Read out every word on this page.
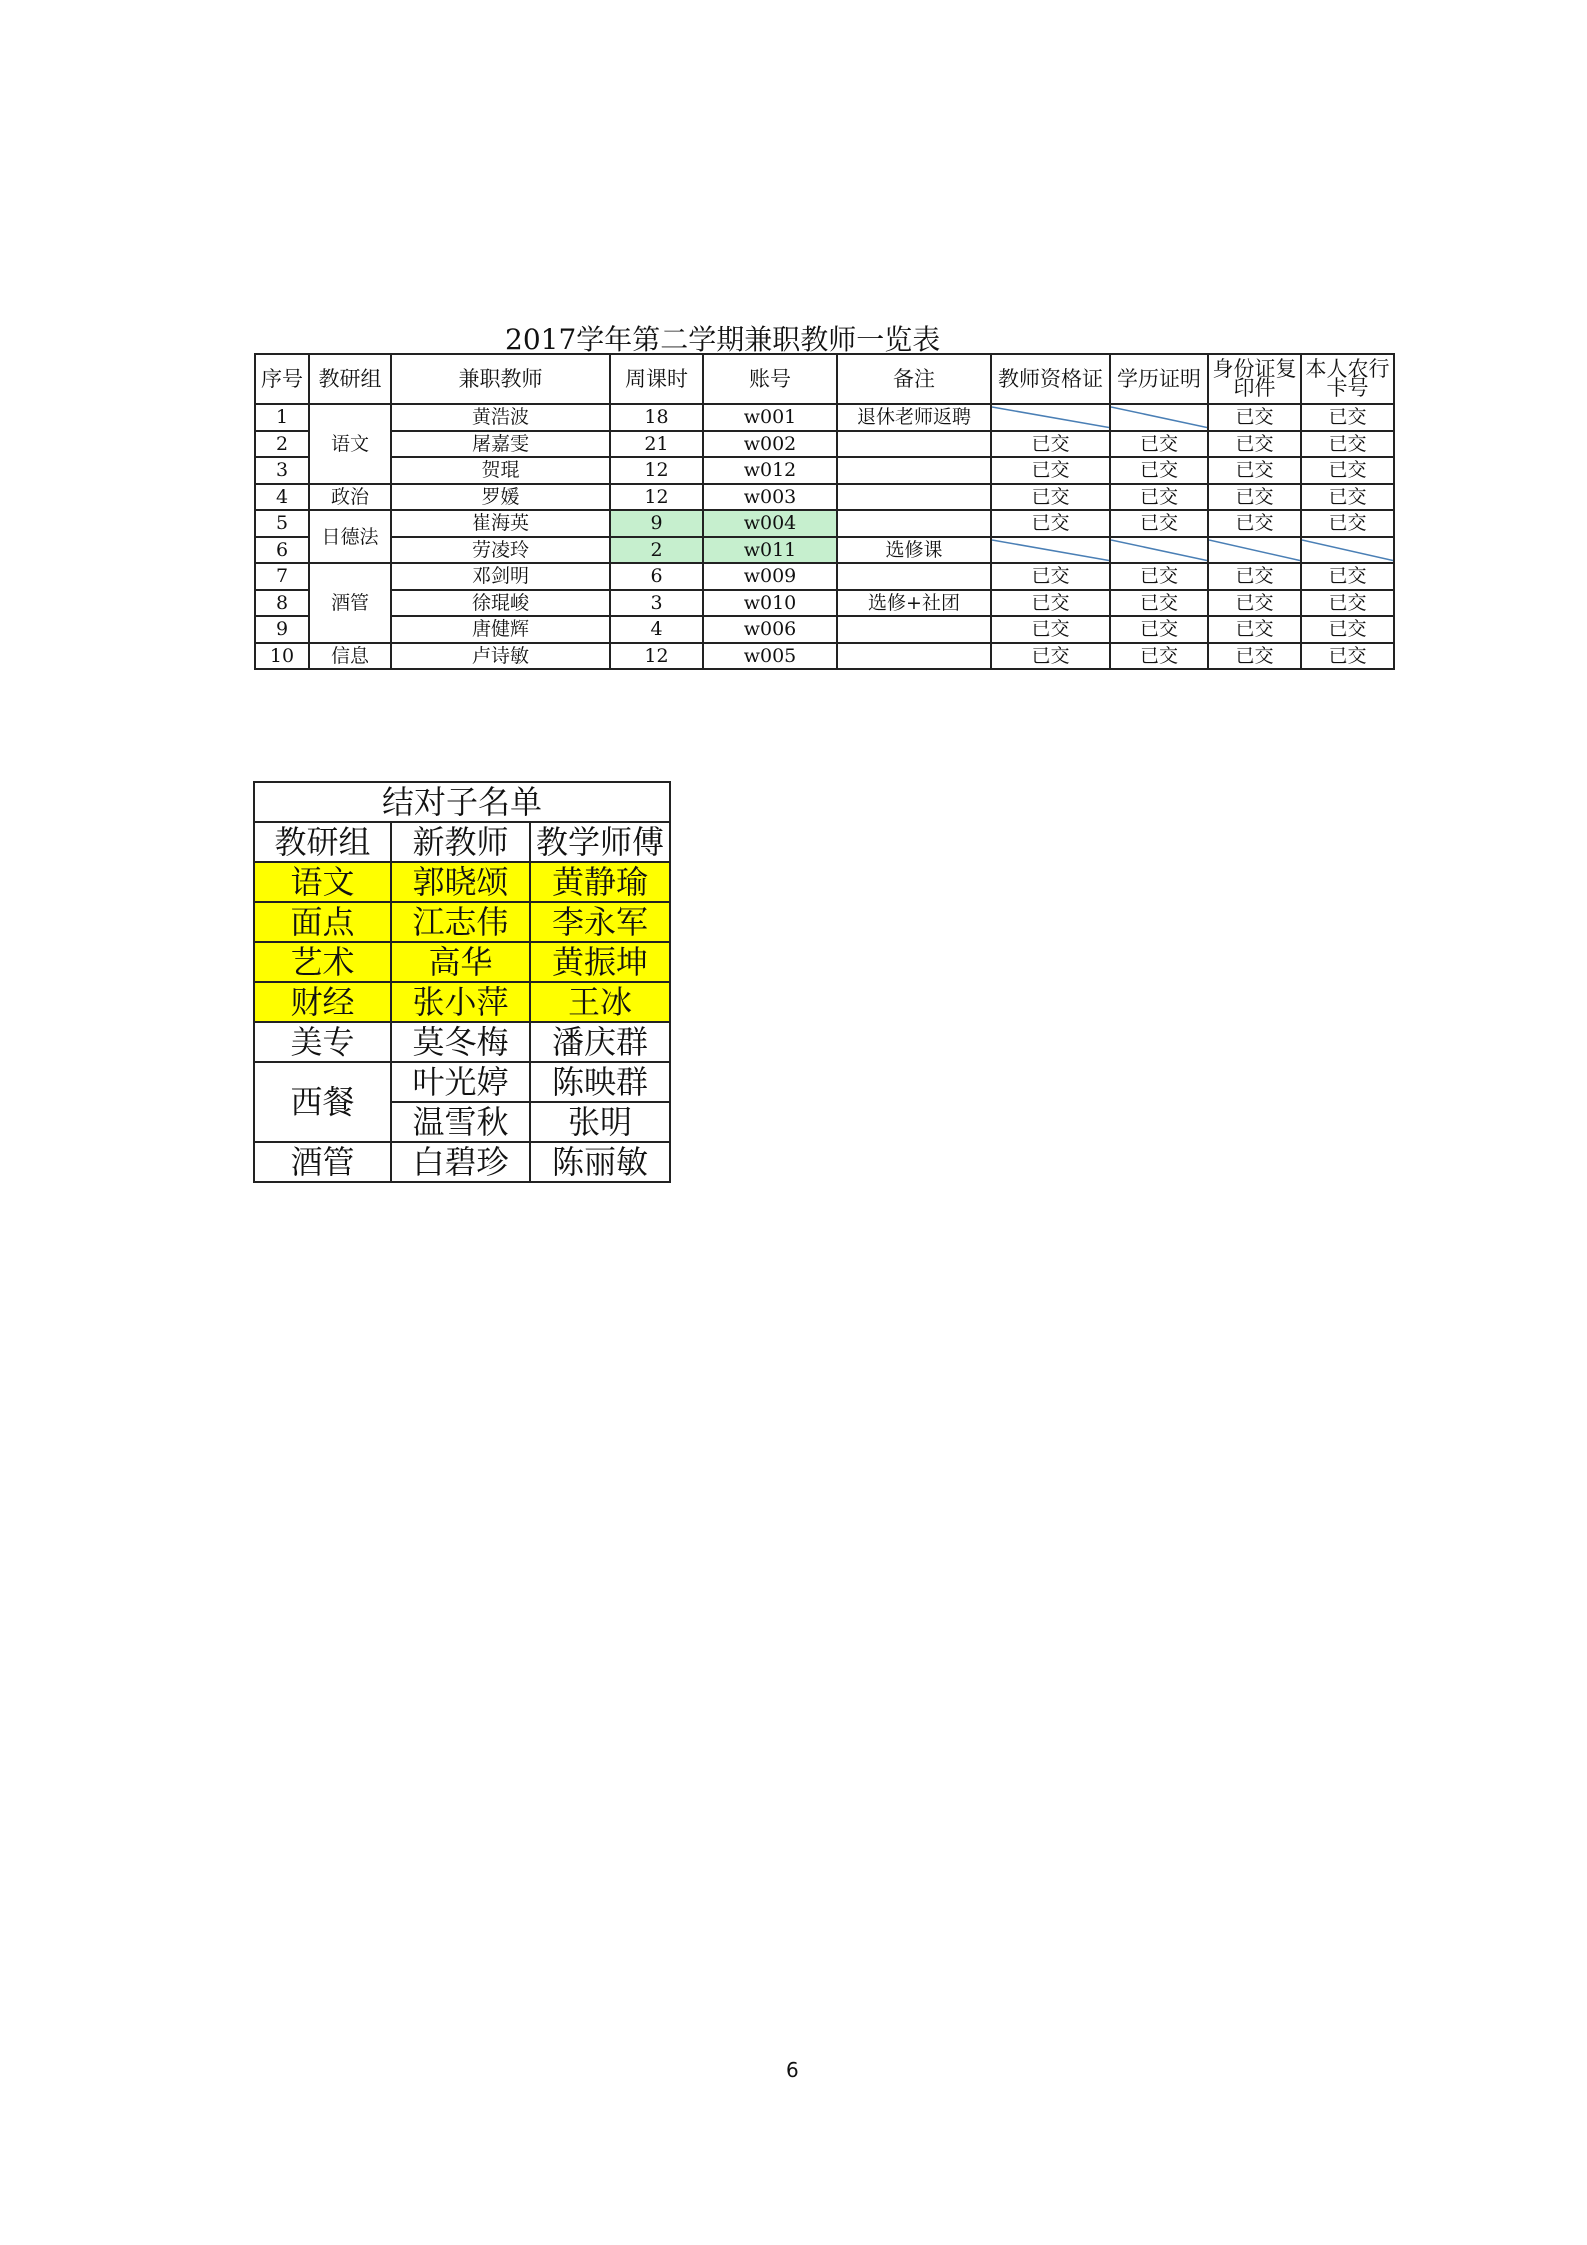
2017学年第二学期兼职教师一览表
序号	教研组	兼职教师	周课时	账号	备注	教师资格证	学历证明	身份证复印件	本人农行卡号
1	语文	黄浩波	18	w001	退休老师返聘			已交	已交
2		屠嘉雯	21	w002		已交	已交	已交	已交
3		贺琨	12	w012		已交	已交	已交	已交
4	政治	罗媛	12	w003		已交	已交	已交	已交
5	日德法	崔海英	9	w004		已交	已交	已交	已交
6		劳凌玲	2	w011	选修课	

7	酒管	邓剑明	6	w009		已交	已交	已交	已交
8		徐琨峻	3	w010	选修+社团	已交	已交	已交	已交
9		唐健辉	4	w006		已交	已交	已交	已交
10	信息	卢诗敏	12	w005		已交	已交	已交	已交
结对子名单		
教研组	新教师	教学师傅
语文	郭晓颂	黄静瑜
面点	江志伟	李永军
艺术	高华	黄振坤
财经	张小萍	王冰
美专	莫冬梅	潘庆群
西餐	叶光婷	陈映群
	温雪秋	张明
酒管	白碧珍	陈丽敏
6
